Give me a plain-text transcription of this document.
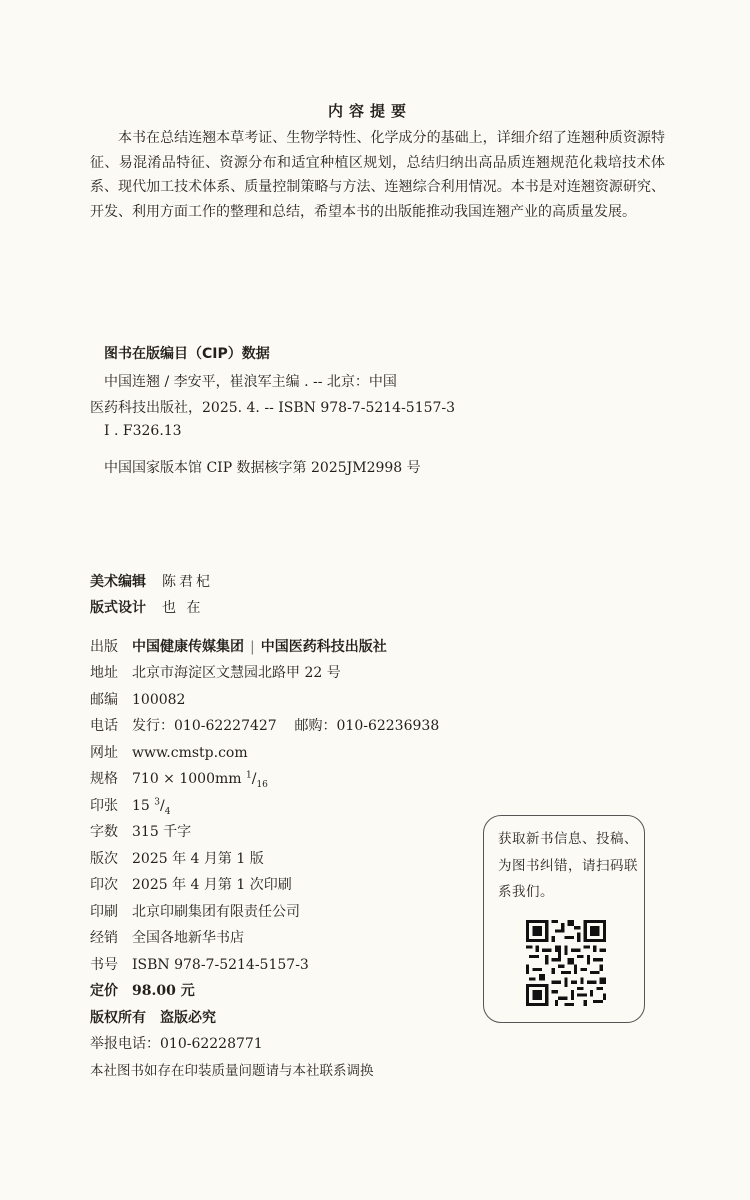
内容提要
本书在总结连翘本草考证、生物学特性、化学成分的基础上，详细介绍了连翘种质资源特征、易混淆品特征、资源分布和适宜种植区规划，总结归纳出高品质连翘规范化栽培技术体系、现代加工技术体系、质量控制策略与方法、连翘综合利用情况。本书是对连翘资源研究、开发、利用方面工作的整理和总结，希望本书的出版能推动我国连翘产业的高质量发展。
图书在版编目（CIP）数据
中国连翘 / 李安平，崔浪军主编 . -- 北京：中国
医药科技出版社，2025. 4. -- ISBN 978-7-5214-5157-3
Ⅰ . F326.13
中国国家版本馆 CIP 数据核字第 2025JM2998 号
美术编辑 陈君杞
版式设计 也 在
出版 中国健康传媒集团 | 中国医药科技出版社
地址 北京市海淀区文慧园北路甲 22 号
邮编 100082
电话 发行：010-62227427    邮购：010-62236938
网址 www.cmstp.com
规格 710 × 1000mm $^1/_{16}$
印张 15 $^3/_4$
字数 315 千字
版次 2025 年 4 月第 1 版
印次 2025 年 4 月第 1 次印刷
印刷 北京印刷集团有限责任公司
经销 全国各地新华书店
书号 ISBN 978-7-5214-5157-3
定价 98.00 元
版权所有 盗版必究
举报电话：010-62228771
本社图书如存在印装质量问题请与本社联系调换
获取新书信息、投稿、为图书纠错，请扫码联系我们。
